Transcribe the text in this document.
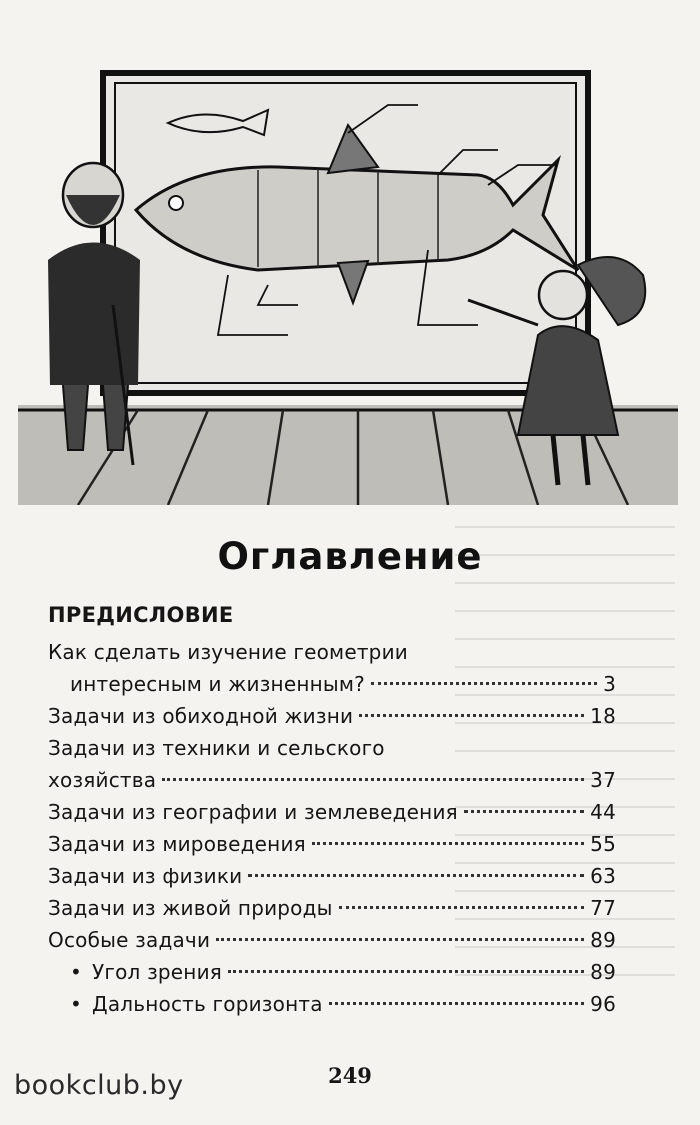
Оглавление
ПРЕДИСЛОВИЕ
Как сделать изучение геометрии
интересным и жизненным?	3
Задачи из обиходной жизни	18
Задачи из техники и сельского
хозяйства	37
Задачи из географии и землеведения	44
Задачи из мироведения	55
Задачи из физики	63
Задачи из живой природы	77
Особые задачи	89
• Угол зрения	89
• Дальность горизонта	96
249
bookclub.by
